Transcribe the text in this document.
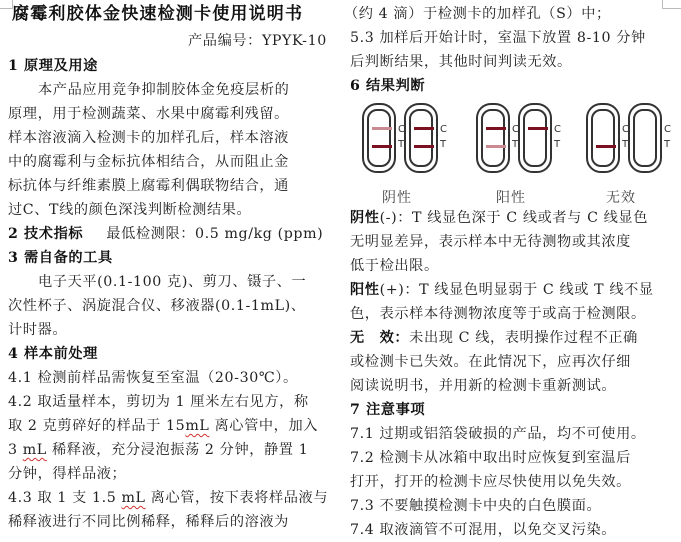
腐霉利胶体金快速检测卡使用说明书
产品编号：YPYK-10
1 原理及用途
本产品应用竞争抑制胶体金免疫层析的
原理，用于检测蔬菜、水果中腐霉利残留。
样本溶液滴入检测卡的加样孔后，样本溶液
中的腐霉利与金标抗体相结合，从而阻止金
标抗体与纤维素膜上腐霉利偶联物结合，通
过C、T线的颜色深浅判断检测结果。
2 技术指标 最低检测限：0.5 mg/kg (ppm)
3 需自备的工具
电子天平(0.1-100 克)、剪刀、镊子、一
次性杯子、涡旋混合仪、移液器(0.1-1mL)、
计时器。
4 样本前处理
4.1 检测前样品需恢复至室温（20-30℃）。
4.2 取适量样本，剪切为 1 厘米左右见方，称
取 2 克剪碎好的样品于 15mL 离心管中，加入
3 mL 稀释液，充分浸泡振荡 2 分钟，静置 1
分钟，得样品液；
4.3 取 1 支 1.5 mL 离心管，按下表将样品液与
稀释液进行不同比例稀释，稀释后的溶液为
（约 4 滴）于检测卡的加样孔（S）中；
5.3 加样后开始计时，室温下放置 8-10 分钟
后判断结果，其他时间判读无效。
6 结果判断
C
T
C
T
阴性
C
T
C
T
阳性
C
T
C
T
无效
阴性(-)：T 线显色深于 C 线或者与 C 线显色
无明显差异，表示样本中无待测物或其浓度
低于检出限。
阳性(+)：T 线显色明显弱于 C 线或 T 线不显
色，表示样本待测物浓度等于或高于检测限。
无　效：未出现 C 线，表明操作过程不正确
或检测卡已失效。在此情况下，应再次仔细
阅读说明书，并用新的检测卡重新测试。
7 注意事项
7.1 过期或铝箔袋破损的产品，均不可使用。
7.2 检测卡从冰箱中取出时应恢复到室温后
打开，打开的检测卡应尽快使用以免失效。
7.3 不要触摸检测卡中央的白色膜面。
7.4 取液滴管不可混用，以免交叉污染。
